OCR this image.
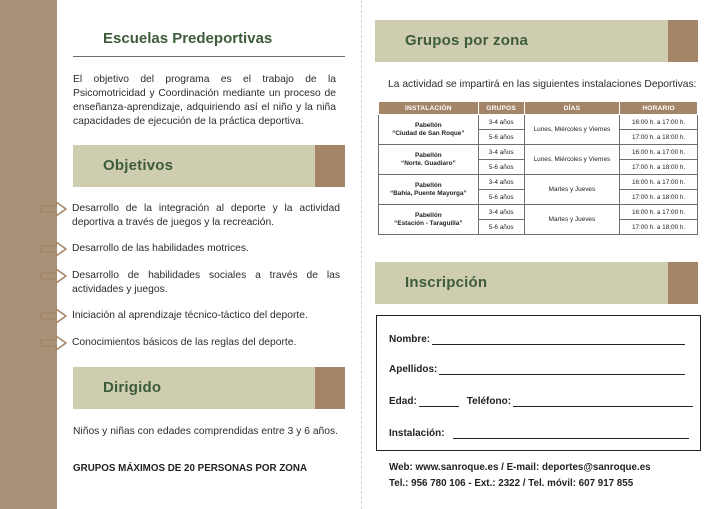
Escuelas Predeportivas
El objetivo del programa es el trabajo de la Psicomotricidad y Coordinación mediante un proceso de enseñanza-aprendizaje, adquiriendo así el niño y la niña capacidades de ejecución de la práctica deportiva.
Objetivos
Desarrollo de la integración al deporte y la actividad deportiva a través de juegos y la recreación.
Desarrollo de las habilidades motrices.
Desarrollo de habilidades sociales a través de las actividades y juegos.
Iniciación al aprendizaje técnico-táctico del deporte.
Conocimientos básicos de las reglas del deporte.
Dirigido
Niños y niñas con edades comprendidas entre 3 y 6 años.
GRUPOS MÁXIMOS DE 20 PERSONAS POR ZONA
Grupos por zona
La actividad se impartirá en las siguientes instalaciones Deportivas:
INSTALACIÓN	GRUPOS	DÍAS	HORARIO
Pabellón
“Ciudad de San Roque”	3-4 años	Lunes, Miércoles y Viernes	16:00 h. a 17:00 h.
	5-6 años		17:00 h. a 18:00 h.
Pabellón
“Norte. Guadiaro”	3-4 años	Lunes, Miércoles y Viernes	16:00 h. a 17:00 h.
	5-6 años		17:00 h. a 18:00 h.
Pabellón
“Bahía, Puente Mayorga”	3-4 años	Martes y Jueves	16:00 h. a 17:00 h.
	5-6 años		17:00 h. a 18:00 h.
Pabellón
“Estación - Taraguilla”	3-4 años	Martes y Jueves	16:00 h. a 17:00 h.
	5-6 años		17:00 h. a 18:00 h.
Inscripción
Nombre:
Apellidos:
Edad:	Teléfono:
Instalación:
Web: www.sanroque.es / E-mail: deportes@sanroque.es
Tel.: 956 780 106 - Ext.: 2322 / Tel. móvil: 607 917 855
